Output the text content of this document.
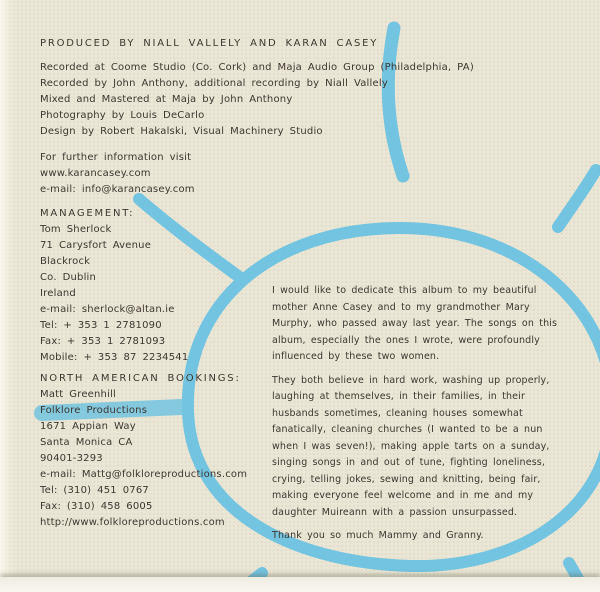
PRODUCED BY NIALL VALLELY AND KARAN CASEY
Recorded at Coome Studio (Co. Cork) and Maja Audio Group (Philadelphia, PA)
Recorded by John Anthony, additional recording by Niall Vallely
Mixed and Mastered at Maja by John Anthony
Photography by Louis DeCarlo
Design by Robert Hakalski, Visual Machinery Studio
For further information visit
www.karancasey.com
e-mail: info@karancasey.com
MANAGEMENT:
Tom Sherlock
71 Carysfort Avenue
Blackrock
Co. Dublin
Ireland
e-mail: sherlock@altan.ie
Tel: + 353 1 2781090
Fax: + 353 1 2781093
Mobile: + 353 87 2234541
NORTH AMERICAN BOOKINGS:
Matt Greenhill
Folklore Productions
1671 Appian Way
Santa Monica CA
90401-3293
e-mail: Mattg@folkloreproductions.com
Tel: (310) 451 0767
Fax: (310) 458 6005
http://www.folkloreproductions.com

I would like to dedicate this album to my beautiful mother Anne Casey and to my grandmother Mary Murphy, who passed away last year. The songs on this album, especially the ones I wrote, were profoundly influenced by these two women.

They both believe in hard work, washing up properly, laughing at themselves, in their families, in their husbands sometimes, cleaning houses somewhat fanatically, cleaning churches (I wanted to be a nun when I was seven!), making apple tarts on a sunday, singing songs in and out of tune, fighting loneliness, crying, telling jokes, sewing and knitting, being fair, making everyone feel welcome and in me and my daughter Muireann with a passion unsurpassed.

Thank you so much Mammy and Granny.
